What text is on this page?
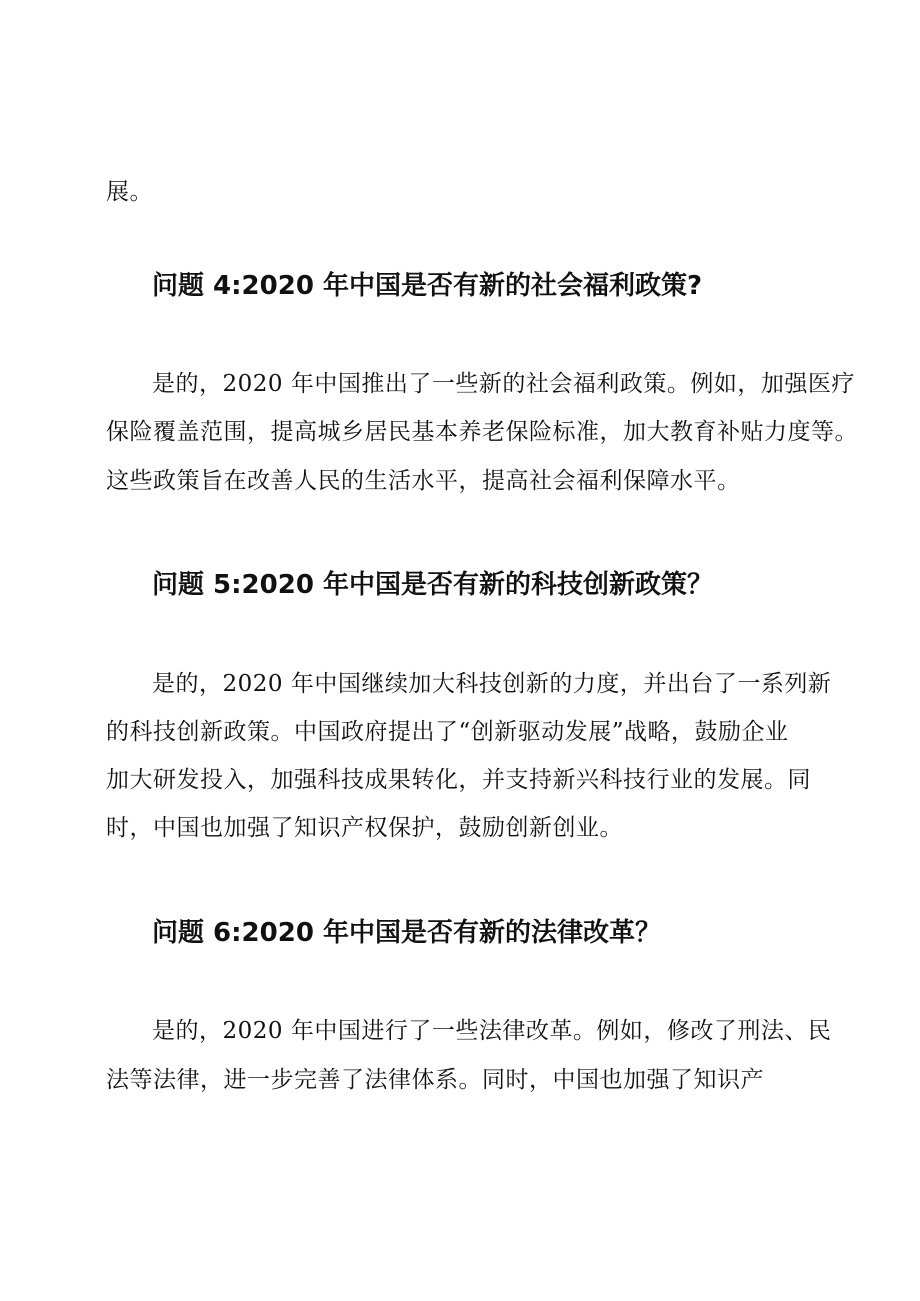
展。
问题 4:2020 年中国是否有新的社会福利政策?
是的，2020 年中国推出了一些新的社会福利政策。例如，加强医疗
保险覆盖范围，提高城乡居民基本养老保险标准，加大教育补贴力度等。
这些政策旨在改善人民的生活水平，提高社会福利保障水平。
问题 5:2020 年中国是否有新的科技创新政策？
是的，2020 年中国继续加大科技创新的力度，并出台了一系列新
的科技创新政策。中国政府提出了“创新驱动发展”战略，鼓励企业
加大研发投入，加强科技成果转化，并支持新兴科技行业的发展。同
时，中国也加强了知识产权保护，鼓励创新创业。
问题 6:2020 年中国是否有新的法律改革？
是的，2020 年中国进行了一些法律改革。例如，修改了刑法、民
法等法律，进一步完善了法律体系。同时，中国也加强了知识产
